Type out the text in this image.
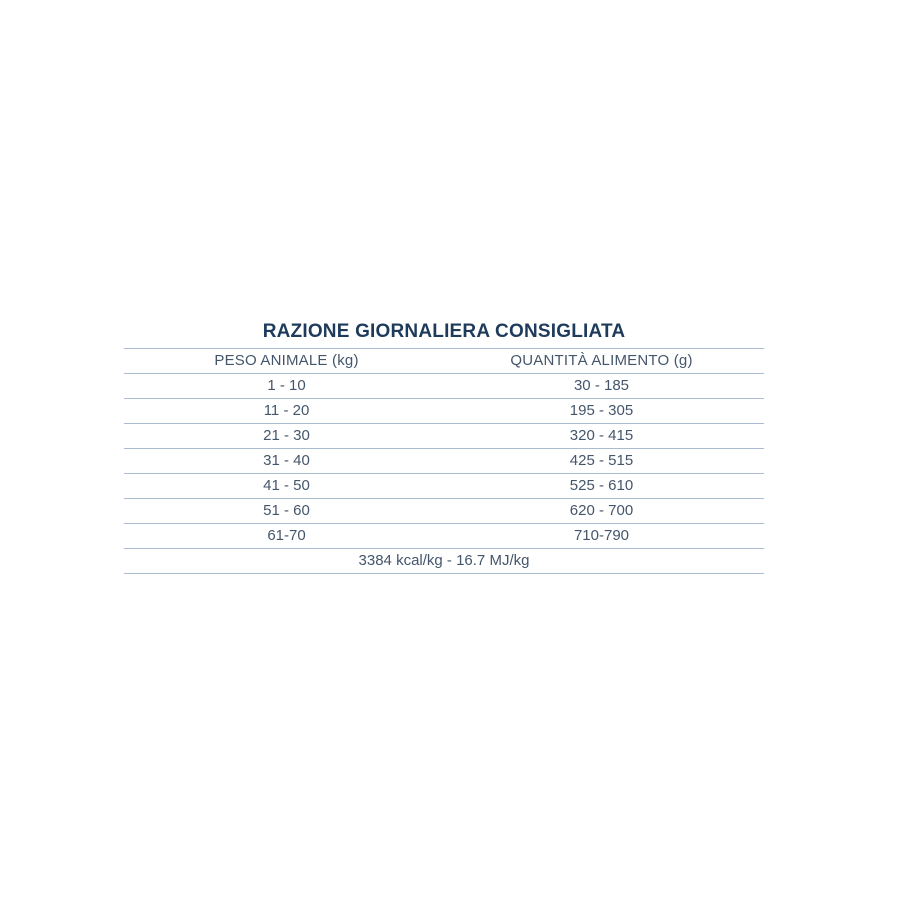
RAZIONE GIORNALIERA CONSIGLIATA
PESO ANIMALE (kg)	QUANTITÀ ALIMENTO (g)
1 - 10	30 - 185
11 - 20	195 - 305
21 - 30	320 - 415
31 - 40	425 - 515
41 - 50	525 - 610
51 - 60	620 - 700
61-70	710-790
3384 kcal/kg - 16.7 MJ/kg
